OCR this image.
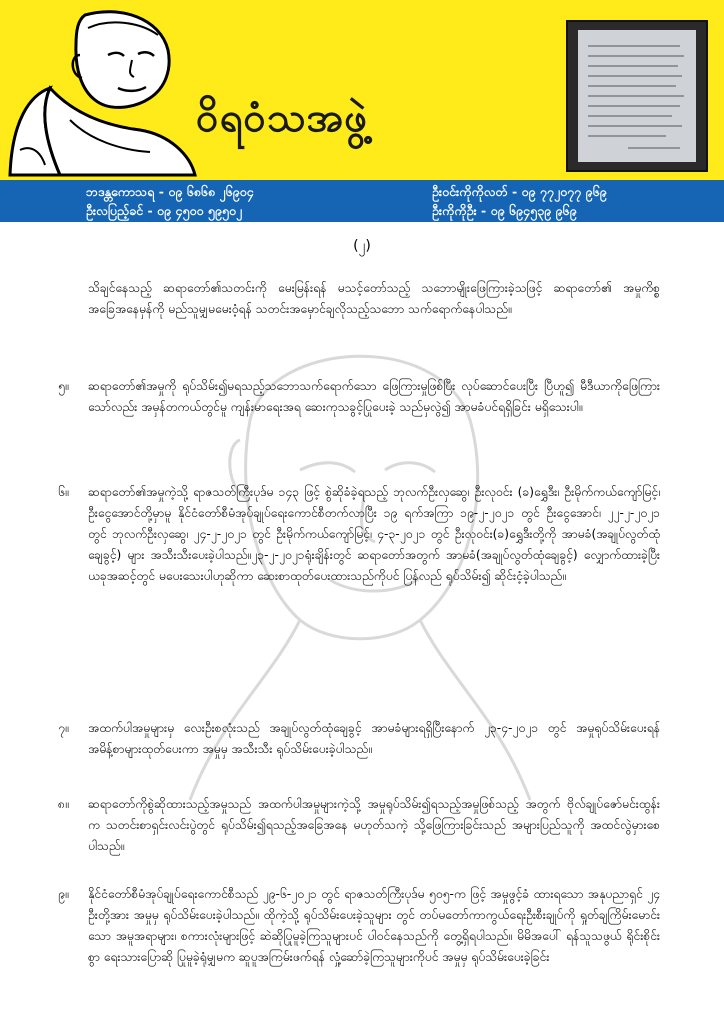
ဝိရဝံသအဖွဲ့
ဘဒန္တကောသရ - ၀၉ ၆၈၆၈ ၂၆၉၀၄
ဦးလပြည့်ခင် - ၀၉ ၄၅၀၀ ၅၉၅၀၂
ဦးဝင်းကိုကိုလတ် - ၀၉ ၇၇၂၀၇၇ ၉၆၉
ဦးကိုကိုဦး - ၀၉ ၆၉၄၅၃၉ ၉၆၉
(၂)
သိချင်နေသည့် ဆရာတော်၏သတင်းကို မေးမြန်းရန် မသင့်တော်သည့် သဘောမျိုးဖြေကြားခဲ့သဖြင့် ဆရာတော်၏ အမှုကိစ္စအခြေအနေမှန်ကို မည်သူမျှမမေးဝံ့ရန် သတင်းအမှောင်ချလိုသည့်သဘော သက်ရောက်နေပါသည်။
၅။ ဆရာတော်၏အမှုကို ရုပ်သိမ်း၍မရသည့်သဘောသက်ရောက်သော ဖြေကြားမှုဖြစ်ပြီး လုပ်ဆောင်ပေးပြီး ပြီဟူ၍ မီဒီယာကိုဖြေကြားသော်လည်း အမှန်တကယ်တွင်မူ ကျန်းမာရေးအရ ဆေးကုသခွင့်ပြုပေးခဲ့ သည်မှလွဲ၍ အာမခံပင်ရရှိခြင်း မရှိသေးပါ။
၆။ ဆရာတော်၏အမှုကဲ့သို့ ရာဇသတ်ကြီးပုဒ်မ ၁၄၃ ဖြင့် စွဲဆိုခံခဲ့ရသည့် ဘုလက်ဦးလှဆွေ၊ ဦးလုဝင်း (ခ)ရွှေဒီး၊ ဦးမိုက်ကယ်ကျော်မြင့်၊ ဦးငွေအောင်တို့မှာမူ နိုင်ငံတော်စီမံအုပ်ချုပ်ရေးကောင်စီတက်လာပြီး ၁၉ ရက်အကြာ ၁၉-၂-၂၀၂၁ တွင် ဦးငွေအောင်၊ ၂၂-၂-၂၀၂၁ တွင် ဘုလက်ဦးလှဆွေ၊ ၂၄-၂-၂၀၂၁ တွင် ဦးမိုက်ကယ်ကျော်မြင့်၊ ၄-၃-၂၀၂၁ တွင် ဦးလုဝင်း(ခ)ရွှေဒီးတို့ကို အာမခံ(အချုပ်လွတ်ထုံချေခွင့်) များ အသီးသီးပေးခဲ့ပါသည်။၂၃-၂-၂၀၂၁ရုံးချိန်းတွင် ဆရာတော်အတွက် အာမခံ(အချုပ်လွတ်ထုံချေခွင့်) လျှောက်ထားခဲ့ပြီး ယခုအဆင့်တွင် မပေးသေးပါဟုဆိုကာ ဆေးစာထုတ်ပေးထားသည်ကိုပင် ပြန်လည် ရုပ်သိမ်း၍ ဆိုင်းငံ့ခဲ့ပါသည်။
၇။ အထက်ပါအမှုများမှ လေးဦးစလုံးသည် အချုပ်လွတ်ထုံချေခွင့် အာမခံများရရှိပြီးနောက် ၂၃-၄-၂၀၂၁ တွင် အမှုရုပ်သိမ်းပေးရန် အမိန့်စာများထုတ်ပေးကာ အမှုမှ အသီးသီး ရုပ်သိမ်းပေးခဲ့ပါသည်။
၈။ ဆရာတော်ကိုစွဲဆိုထားသည့်အမှုသည် အထက်ပါအမှုများကဲ့သို့ အမှုရုပ်သိမ်း၍ရသည့်အမှုဖြစ်သည့် အတွက် ဗိုလ်ချုပ်ဇော်မင်းထွန်းက သတင်းစာရှင်းလင်းပွဲတွင် ရုပ်သိမ်း၍ရသည့်အခြေအနေ မဟုတ်သကဲ့ သို့ဖြေကြားခြင်းသည် အများပြည်သူကို အထင်လွဲမှားစေပါသည်။
၉။ နိုင်ငံတော်စီမံအုပ်ချုပ်ရေးကောင်စီသည် ၂၉-၆-၂၀၂၁ တွင် ရာဇသတ်ကြီးပုဒ်မ ၅၀၅-က ဖြင့် အမှုဖွင့်ခံ ထားရသော အနုပညာရှင် ၂၄ ဦးတို့အား အမှုမှ ရုပ်သိမ်းပေးခဲ့ပါသည်။ ထိုကဲ့သို့ ရုပ်သိမ်းပေးခဲ့သူများ တွင် တပ်မတော်ကာကွယ်ရေးဦးစီးချုပ်ကို ရှုတ်ချကြိမ်းမောင်းသော အမူအရာများ၊ စကားလုံးများဖြင့် ဆဲဆိုပြုမူခဲ့ကြသူများပင် ပါဝင်နေသည်ကို တွေ့ရှိရပါသည်။ မိမိအပေါ် ရန်သူသဖွယ် ရိုင်းစိုင်းစွာ ရေးသားပြောဆို ပြုမူခဲ့ရုံမျှမက ဆူပူအကြမ်းဖက်ရန် လှုံ့ဆော်ခဲ့ကြသူများကိုပင် အမှုမှ ရုပ်သိမ်းပေးခဲ့ခြင်း
